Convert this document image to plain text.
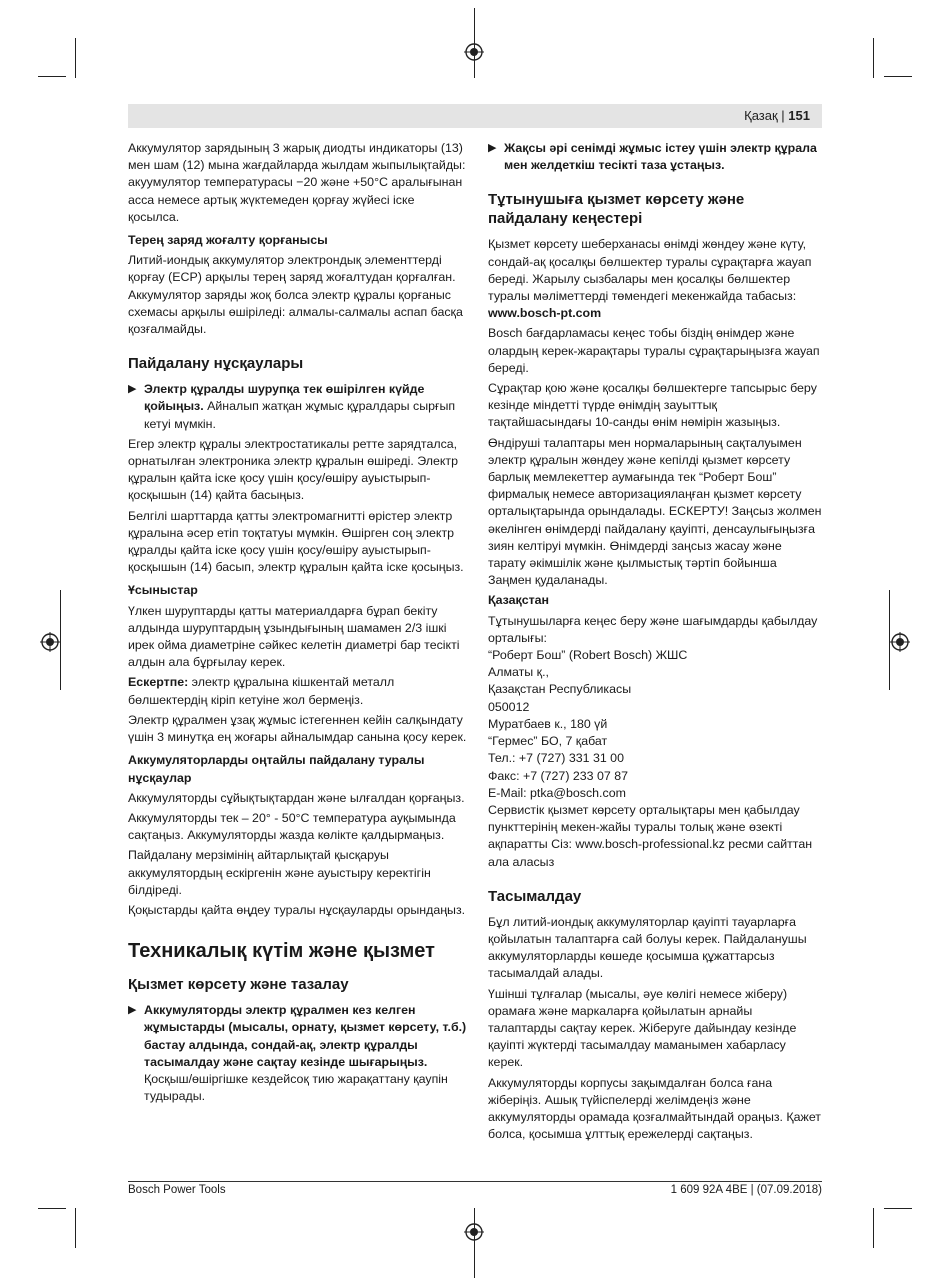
Қазақ | 151

Аккумулятор зарядының 3 жарық диодты индикаторы (13) мен шам (12) мына жағдайларда жылдам жыпылықтайды: акуумулятор температурасы −20 және +50°C аралығынан асса немесе артық жүктемеден қорғау жүйесі іске қосылса.

Терең заряд жоғалту қорғанысы

Литий-иондық аккумулятор электрондық элементтерді қорғау (ECP) арқылы терең заряд жоғалтудан қорғалған. Аккумулятор заряды жоқ болса электр құралы қорғаныс схемасы арқылы өшіріледі: алмалы-салмалы аспап басқа қозғалмайды.

Пайдалану нұсқаулары
▶ Электр құралды шурупқа тек өшірілген күйде қойыңыз. Айналып жатқан жұмыс құралдары сырғып кетуі мүмкін.

Егер электр құралы электростатикалы ретте зарядталса, орнатылған электроника электр құралын өшіреді. Электр құралын қайта іске қосу үшін қосу/өшіру ауыстырып-қосқышын (14) қайта басыңыз.

Белгілі шарттарда қатты электромагнитті өрістер электр құралына әсер етіп тоқтатуы мүмкін. Өшірген соң электр құралды қайта іске қосу үшін қосу/өшіру ауыстырып-қосқышын (14) басып, электр құралын қайта іске қосыңыз.

Ұсыныстар

Үлкен шуруптарды қатты материалдарға бұрап бекіту алдында шуруптардың ұзындығының шамамен 2/3 ішкі ирек ойма диаметріне сәйкес келетін диаметрі бар тесікті алдын ала бұрғылау керек.

Ескертпе: электр құралына кішкентай металл бөлшектердің кіріп кетуіне жол бермеңіз.

Электр құралмен ұзақ жұмыс істегеннен кейін салқындату үшін 3 минутқа ең жоғары айналымдар санына қосу керек.

Аккумуляторларды оңтайлы пайдалану туралы нұсқаулар

Аккумуляторды сұйықтықтардан және ылғалдан қорғаңыз.

Аккумуляторды тек – 20° - 50°C температура ауқымында сақтаңыз. Аккумуляторды жазда көлікте қалдырмаңыз.

Пайдалану мерзімінің айтарлықтай қысқаруы аккумулятордың ескіргенін және ауыстыру керектігін білдіреді.

Қоқыстарды қайта өңдеу туралы нұсқауларды орындаңыз.

Техникалық күтім және қызмет
Қызмет көрсету және тазалау
▶ Аккумуляторды электр құралмен кез келген жұмыстарды (мысалы, орнату, қызмет көрсету, т.б.) бастау алдында, сондай-ақ, электр құралды тасымалдау және сақтау кезінде шығарыңыз. Қосқыш/өшіргішке кездейсоқ тию жарақаттану қаупін тудырады.
▶ Жақсы әрі сенімді жұмыс істеу үшін электр құрала мен желдеткіш тесікті таза ұстаңыз.
Тұтынушыға қызмет көрсету және пайдалану кеңестері

Қызмет көрсету шеберханасы өнімді жөндеу және күту, сондай-ақ қосалқы бөлшектер туралы сұрақтарға жауап береді. Жарылу сызбалары мен қосалқы бөлшектер туралы мәліметтерді төмендегі мекенжайда табасыз:

www.bosch-pt.com

Bosch бағдарламасы кеңес тобы біздің өнімдер және олардың керек-жарақтары туралы сұрақтарыңызға жауап береді.

Сұрақтар қою және қосалқы бөлшектерге тапсырыс беру кезінде міндетті түрде өнімдің зауыттық тақтайшасындағы 10-санды өнім нөмірін жазыңыз.

Өндіруші талаптары мен нормаларының сақталуымен электр құралын жөндеу және кепілді қызмет көрсету барлық мемлекеттер аумағында тек “Роберт Бош” фирмалық немесе авторизациялаңған қызмет көрсету орталықтарында орындалады. ЕСКЕРТУ! Заңсыз жолмен әкелінген өнімдерді пайдалану қауіпті, денсаулығыңызға зиян келтіруі мүмкін. Өнімдерді заңсыз жасау және тарату әкімшілік және қылмыстық тәртіп бойынша Заңмен қудаланады.

Қазақстан

Тұтынушыларға кеңес беру және шағымдарды қабылдау
орталығы:
“Роберт Бош” (Robert Bosch) ЖШС
Алматы қ.,
Қазақстан Республикасы
050012
Муратбаев к., 180 үй
“Гермес” БО, 7 қабат
Тел.: +7 (727) 331 31 00
Факс: +7 (727) 233 07 87
E-Mail: ptka@bosch.com

Сервистік қызмет көрсету орталықтары мен қабылдау пункттерінің мекен-жайы туралы толық және өзекті ақпаратты Сіз: www.bosch-professional.kz ресми сайттан ала аласыз

Тасымалдау

Бұл литий-иондық аккумуляторлар қауіпті тауарларға қойылатын талаптарға сай болуы керек. Пайдаланушы аккумуляторларды көшеде қосымша құжаттарсыз тасымалдай алады.

Үшінші тұлғалар (мысалы, әуе көлігі немесе жіберу) орамаға және маркаларға қойылатын арнайы талаптарды сақтау керек. Жіберуге дайындау кезінде қауіпті жүктерді тасымалдау маманымен хабарласу керек.

Аккумуляторды корпусы зақымдалған болса ғана жіберіңіз. Ашық түйіспелерді желімдеңіз және аккумуляторды орамада қозғалмайтындай ораңыз. Қажет болса, қосымша ұлттық ережелерді сақтаңыз.

Bosch Power Tools	1 609 92A 4BE | (07.09.2018)
